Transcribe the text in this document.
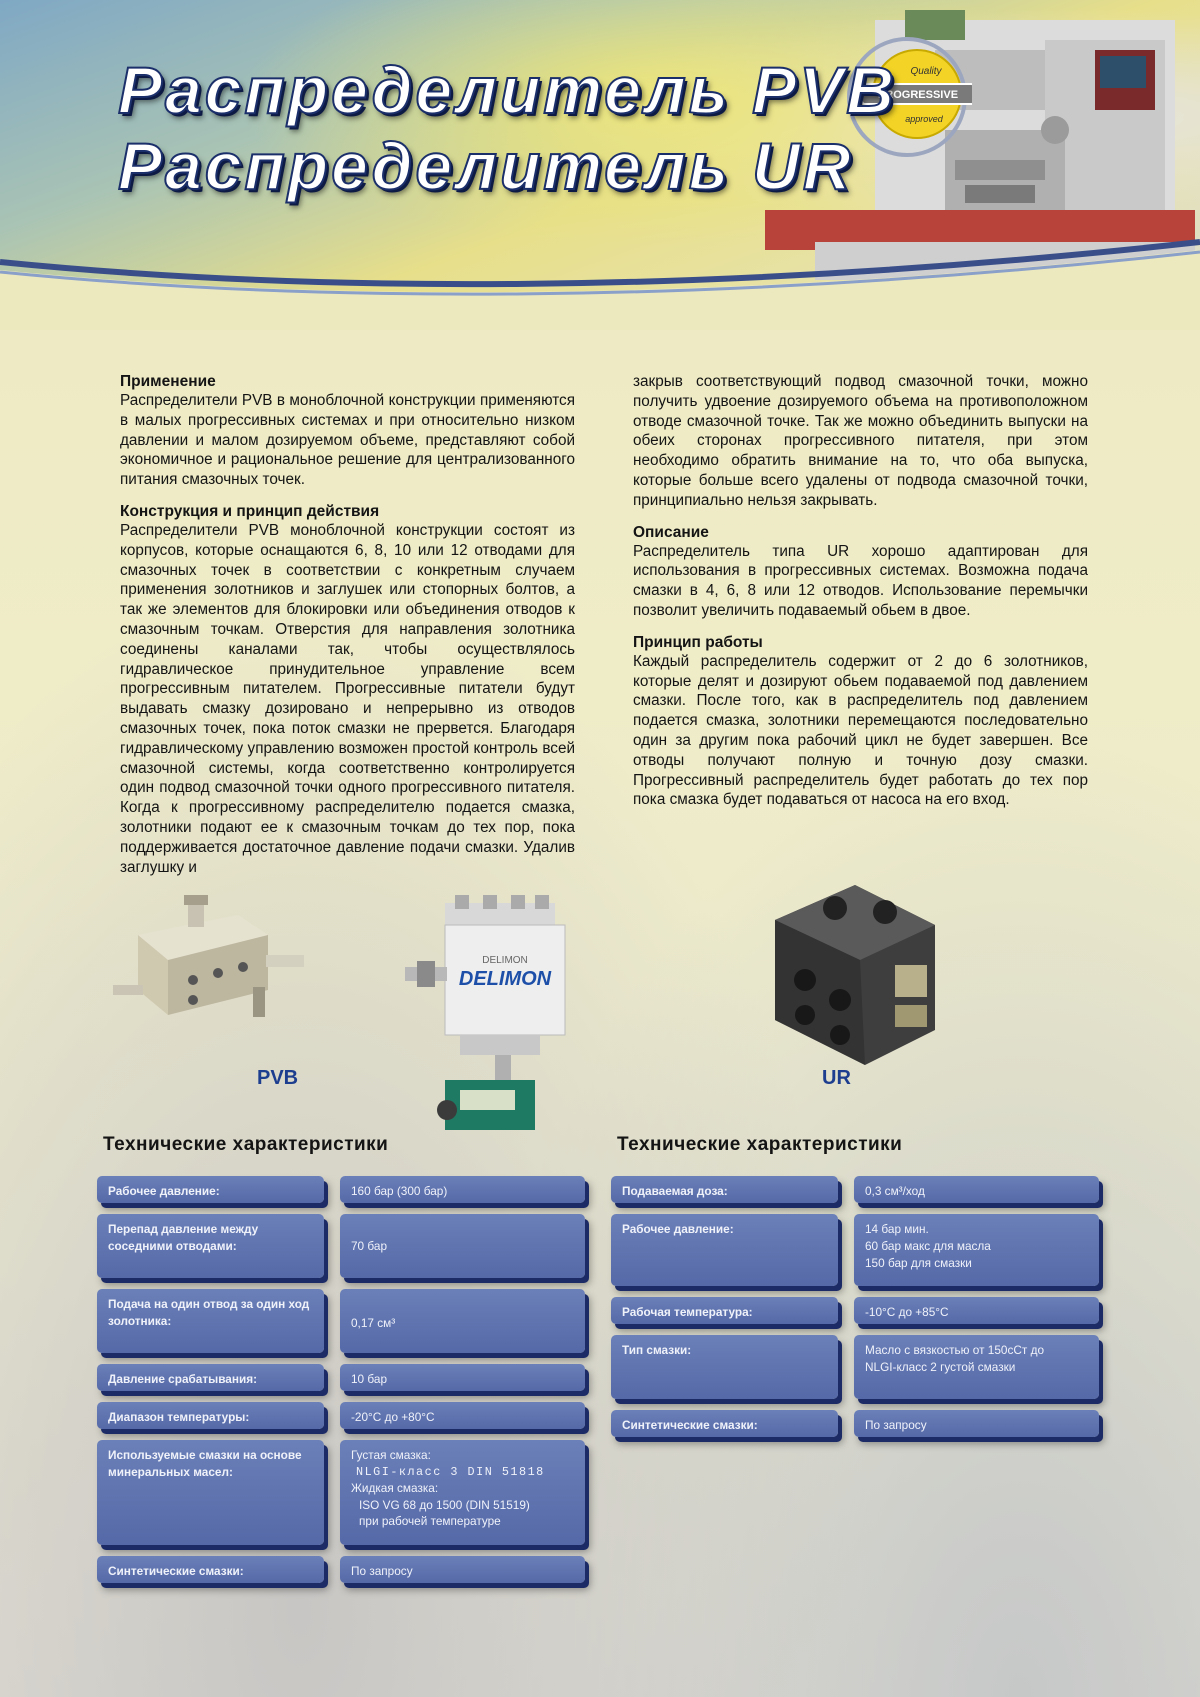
PROGRESSIVE
Quality
approved
Распределитель PVB
Распределитель UR
Применение

Распределители PVB в моноблочной конструкции применяются в малых прогрессивных системах и при относительно низком давлении и малом дозируемом объеме, представляют собой экономичное и рациональное решение для централизованного питания смазочных точек.

Конструкция и принцип действия

Распределители PVB моноблочной конструкции состоят из корпусов, которые оснащаются 6, 8, 10 или 12 отводами для смазочных точек в соответствии с конкретным случаем применения золотников и заглушек или стопорных болтов, а так же элементов для блокировки или объединения отводов к смазочным точкам. Отверстия для направления золотника соединены каналами так, чтобы осуществлялось гидравлическое принудительное управление всем прогрессивным питателем. Прогрессивные питатели будут выдавать смазку дозировано и непрерывно из отводов смазочных точек, пока поток смазки не прервется. Благодаря гидравлическому управлению возможен простой контроль всей смазочной системы, когда соответственно контролируется один подвод смазочной точки одного прогрессивного питателя. Когда к прогрессивному распределителю подается смазка, золотники подают ее к смазочным точкам до тех пор, пока поддерживается достаточное давление подачи смазки. Удалив заглушку и

закрыв соответствующий подвод смазочной точки, можно получить удвоение дозируемого объема на противоположном отводе смазочной точке. Так же можно объединить выпуски на обеих сторонах прогрессивного питателя, при этом необходимо обратить внимание на то, что оба выпуска, которые больше всего удалены от подвода смазочной точки, принципиально нельзя закрывать.

Описание

Распределитель типа UR хорошо адаптирован для использования в прогрессивных системах. Возможна подача смазки в 4, 6, 8 или 12 отводов. Использование перемычки позволит увеличить подаваемый обьем в двое.

Принцип работы

Каждый распределитель содержит от 2 до 6 золотников, которые делят и дозируют обьем подаваемой под давлением смазки. После того, как в распределитель под давлением подается смазка, золотники перемещаются последовательно один за другим пока рабочий цикл не будет завершен. Все отводы получают полную и точную дозу смазки. Прогрессивный распределитель будет работать до тех пор пока смазка будет подаваться от насоса на его вход.

PVB
DELIMON
DELIMON
UR
Технические характеристики	Технические характеристики
Рабочее давление:	160 бар (300 бар)
Перепад давление между соседними отводами:	70 бар
Подача на один отвод за один ход золотника:	0,17 см³
Давление срабатывания:	10 бар
Диапазон температуры:	-20°C до +80°C
Используемые смазки на основе минеральных масел:
Густая смазка:
NLGI-класс 3 DIN 51818
Жидкая смазка:
ISO VG 68 до 1500 (DIN 51519)
при рабочей температуре
Синтетические смазки:	По запросу
Подаваемая доза:	0,3 см³/ход
Рабочее давление:	14 бар мин.
60 бар макс для масла
150 бар для смазки
Рабочая температура:	-10°C до +85°C
Тип смазки:	Масло с вязкостью от 150cСт до
NLGI-класс 2 густой смазки
Синтетические смазки:	По запросу
